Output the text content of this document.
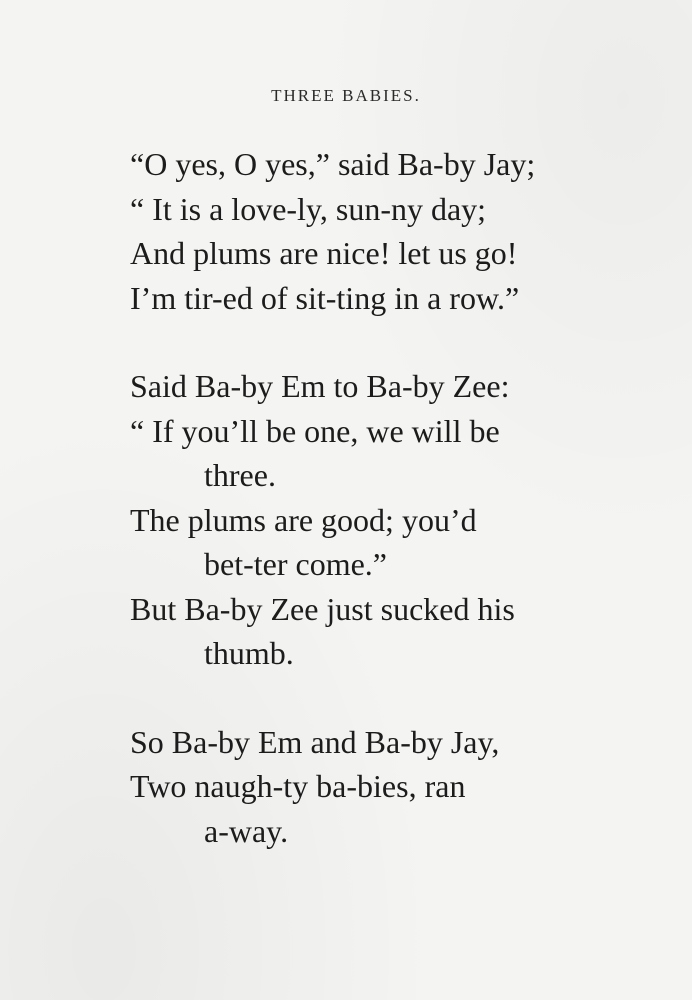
THREE BABIES.

“O yes, O yes,” said Ba-by Jay;
“ It is a love-ly, sun-ny day;
And plums are nice! let us go!
I’m tir-ed of sit-ting in a row.”
Said Ba-by Em to Ba-by Zee:
“ If you’ll be one, we will be
three.
The plums are good; you’d
bet-ter come.”
But Ba-by Zee just sucked his
thumb.
So Ba-by Em and Ba-by Jay,
Two naugh-ty ba-bies, ran
a-way.
